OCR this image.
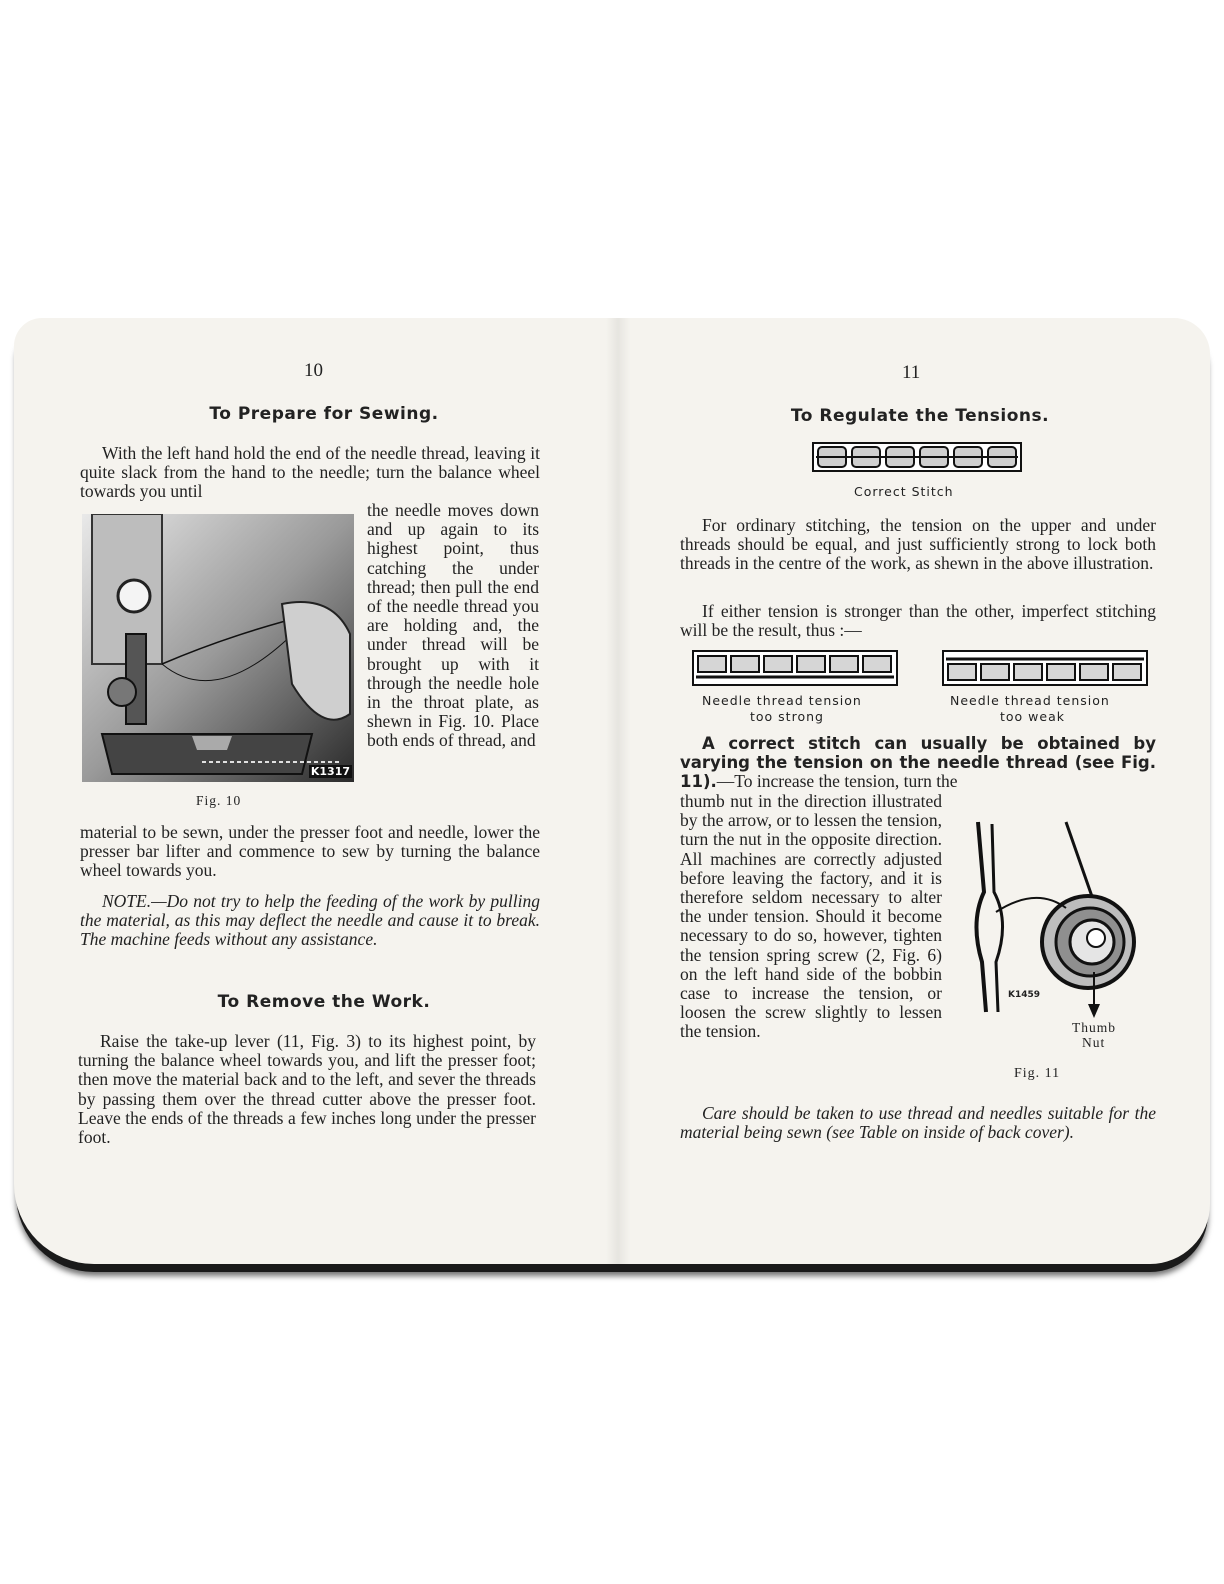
10
To Prepare for Sewing.

With the left hand hold the end of the needle thread, leaving it quite slack from the hand to the needle; turn the balance wheel towards you until

K1317
Fig. 10

the needle moves down and up again to its highest point, thus catching the under thread; then pull the end of the needle thread you are holding and, the under thread will be brought up with it through the needle hole in the throat plate, as shewn in Fig. 10. Place both ends of thread, and

material to be sewn, under the presser foot and needle, lower the presser bar lifter and commence to sew by turning the balance wheel towards you.

NOTE.—Do not try to help the feeding of the work by pulling the material, as this may deflect the needle and cause it to break. The machine feeds without any assistance.

To Remove the Work.

Raise the take-up lever (11, Fig. 3) to its highest point, by turning the balance wheel towards you, and lift the presser foot; then move the material back and to the left, and sever the threads by passing them over the thread cutter above the presser foot. Leave the ends of the threads a few inches long under the presser foot.

11
To Regulate the Tensions.
Correct Stitch

For ordinary stitching, the tension on the upper and under threads should be equal, and just sufficiently strong to lock both threads in the centre of the work, as shewn in the above illustration.

If either tension is stronger than the other, imperfect stitching will be the result, thus :—

Needle thread tension
too strong
Needle thread tension
too weak

A correct stitch can usually be obtained by varying the tension on the needle thread (see Fig. 11).—To increase the tension, turn the

thumb nut in the direction illustrated by the arrow, or to lessen the tension, turn the nut in the opposite direction. All machines are correctly adjusted before leaving the factory, and it is therefore seldom necessary to alter the under tension. Should it become necessary to do so, however, tighten the tension spring screw (2, Fig. 6) on the left hand side of the bobbin case to increase the tension, or loosen the screw slightly to lessen the tension.

K1459
Thumb
Nut
Fig. 11

Care should be taken to use thread and needles suitable for the material being sewn (see Table on inside of back cover).
